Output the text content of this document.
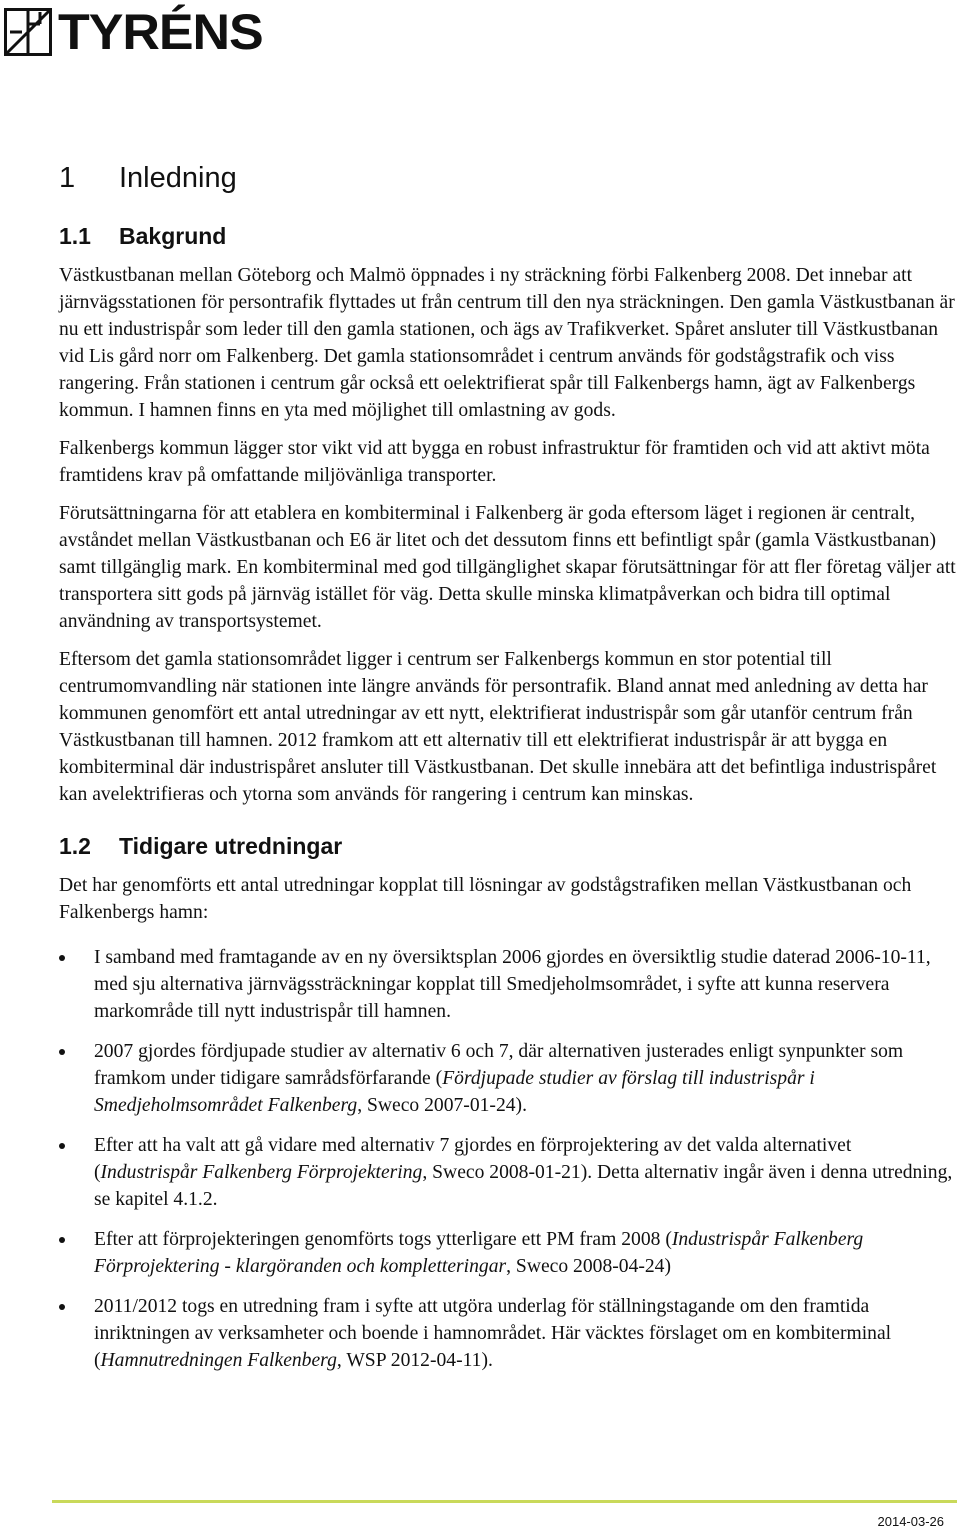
TYRÉNS
1 Inledning
1.1 Bakgrund

Västkustbanan mellan Göteborg och Malmö öppnades i ny sträckning förbi Falkenberg 2008. Det innebar att järnvägsstationen för persontrafik flyttades ut från centrum till den nya sträckningen. Den gamla Västkustbanan är nu ett industrispår som leder till den gamla stationen, och ägs av Trafikverket. Spåret ansluter till Västkustbanan vid Lis gård norr om Falkenberg. Det gamla stationsområdet i centrum används för godstågstrafik och viss rangering. Från stationen i centrum går också ett oelektrifierat spår till Falkenbergs hamn, ägt av Falkenbergs kommun. I hamnen finns en yta med möjlighet till omlastning av gods.

Falkenbergs kommun lägger stor vikt vid att bygga en robust infrastruktur för framtiden och vid att aktivt möta framtidens krav på omfattande miljövänliga transporter.

Förutsättningarna för att etablera en kombiterminal i Falkenberg är goda eftersom läget i regionen är centralt, avståndet mellan Västkustbanan och E6 är litet och det dessutom finns ett befintligt spår (gamla Västkustbanan) samt tillgänglig mark. En kombiterminal med god tillgänglighet skapar förutsättningar för att fler företag väljer att transportera sitt gods på järnväg istället för väg. Detta skulle minska klimatpåverkan och bidra till optimal användning av transportsystemet.

Eftersom det gamla stationsområdet ligger i centrum ser Falkenbergs kommun en stor potential till centrumomvandling när stationen inte längre används för persontrafik. Bland annat med anledning av detta har kommunen genomfört ett antal utredningar av ett nytt, elektrifierat industrispår som går utanför centrum från Västkustbanan till hamnen. 2012 framkom att ett alternativ till ett elektrifierat industrispår är att bygga en kombiterminal där industrispåret ansluter till Västkustbanan. Det skulle innebära att det befintliga industrispåret kan avelektrifieras och ytorna som används för rangering i centrum kan minskas.

1.2 Tidigare utredningar

Det har genomförts ett antal utredningar kopplat till lösningar av godstågstrafiken mellan Västkustbanan och Falkenbergs hamn:

I samband med framtagande av en ny översiktsplan 2006 gjordes en översiktlig studie daterad 2006-10-11, med sju alternativa järnvägssträckningar kopplat till Smedjeholmsområdet, i syfte att kunna reservera markområde till nytt industrispår till hamnen.
2007 gjordes fördjupade studier av alternativ 6 och 7, där alternativen justerades enligt synpunkter som framkom under tidigare samrådsförfarande (Fördjupade studier av förslag till industrispår i Smedjeholmsområdet Falkenberg, Sweco 2007-01-24).
Efter att ha valt att gå vidare med alternativ 7 gjordes en förprojektering av det valda alternativet (Industrispår Falkenberg Förprojektering, Sweco 2008-01-21). Detta alternativ ingår även i denna utredning, se kapitel 4.1.2.
Efter att förprojekteringen genomförts togs ytterligare ett PM fram 2008 (Industrispår Falkenberg Förprojektering - klargöranden och kompletteringar, Sweco 2008-04-24)
2011/2012 togs en utredning fram i syfte att utgöra underlag för ställningstagande om den framtida inriktningen av verksamheter och boende i hamnområdet. Här väcktes förslaget om en kombiterminal (Hamnutredningen Falkenberg, WSP 2012-04-11).
2014-03-26
